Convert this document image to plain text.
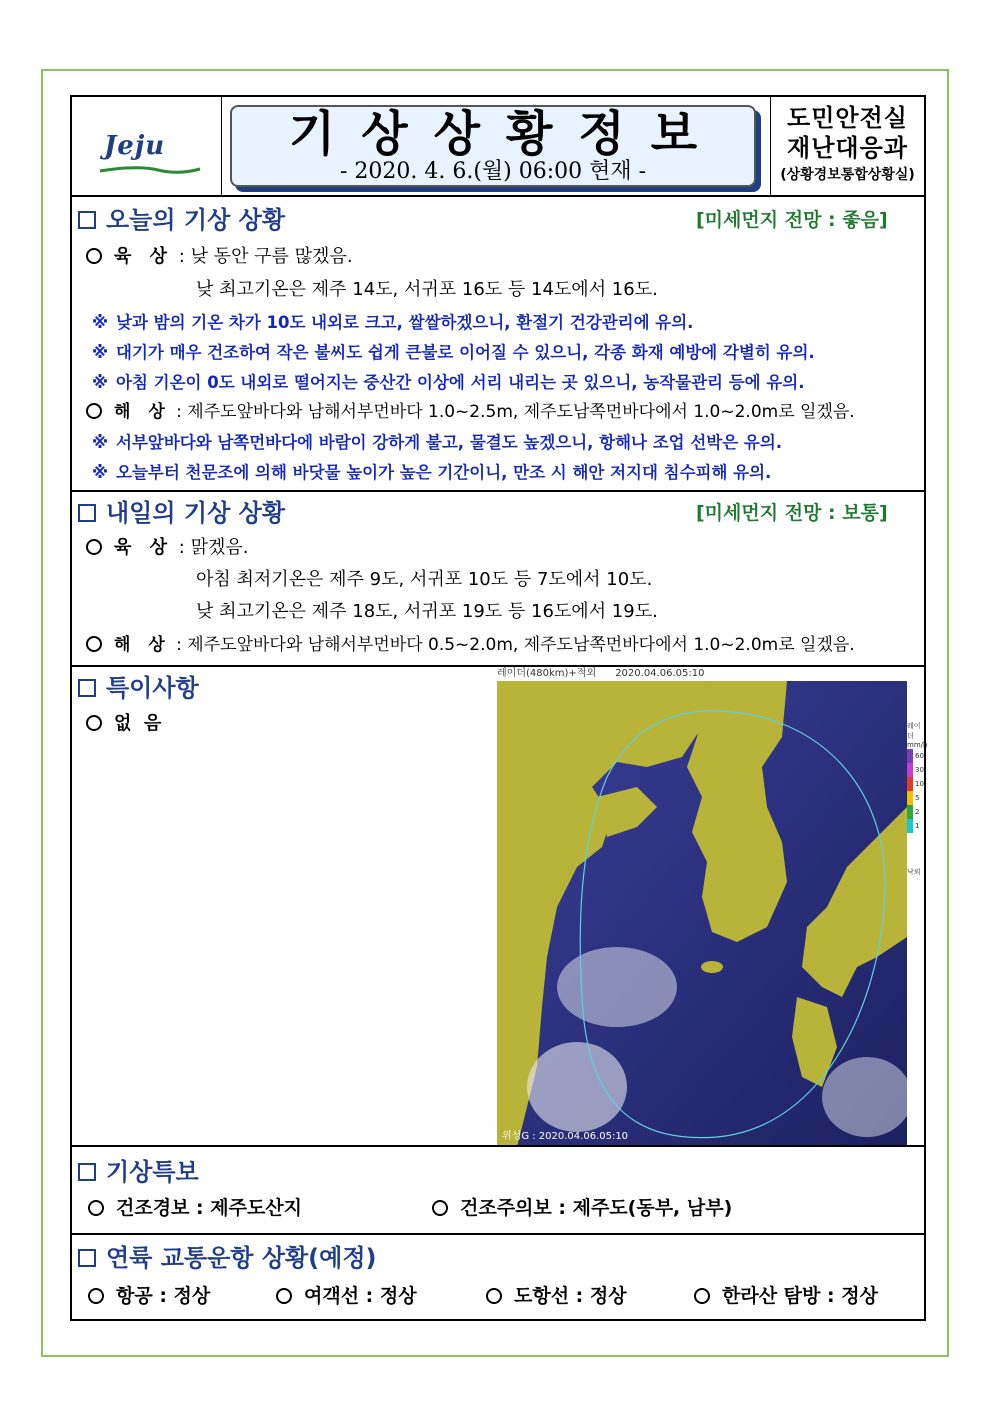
Jeju	기상상황정보
- 2020. 4. 6.(월) 06:00 현재 -
도민안전실
재난대응과
(상황경보통합상황실)
오늘의 기상 상황	[미세먼지 전망 : 좋음]
육 상 : 낮 동안 구름 많겠음.
낮 최고기온은 제주 14도, 서귀포 16도 등 14도에서 16도.
※ 낮과 밤의 기온 차가 10도 내외로 크고, 쌀쌀하겠으니, 환절기 건강관리에 유의.
※ 대기가 매우 건조하여 작은 불씨도 쉽게 큰불로 이어질 수 있으니, 각종 화재 예방에 각별히 유의.
※ 아침 기온이 0도 내외로 떨어지는 중산간 이상에 서리 내리는 곳 있으니, 농작물관리 등에 유의.
해 상 : 제주도앞바다와 남해서부먼바다 1.0~2.5m, 제주도남쪽먼바다에서 1.0~2.0m로 일겠음.
※ 서부앞바다와 남쪽먼바다에 바람이 강하게 불고, 물결도 높겠으니, 항해나 조업 선박은 유의.
※ 오늘부터 천문조에 의해 바닷물 높이가 높은 기간이니, 만조 시 해안 저지대 침수피해 유의.
내일의 기상 상황	[미세먼지 전망 : 보통]
육 상 : 맑겠음.
아침 최저기온은 제주 9도, 서귀포 10도 등 7도에서 10도.
낮 최고기온은 제주 18도, 서귀포 19도 등 16도에서 19도.
해 상 : 제주도앞바다와 남해서부먼바다 0.5~2.0m, 제주도남쪽먼바다에서 1.0~2.0m로 일겠음.
특이사항
없  음
레이더(480km)+적외 2020.04.06.05:10
위성G : 2020.04.06.05:10
레이더
mm/h
60
30
10
5
2
1
낙뢰
기상특보
건조경보 : 제주도산지	건조주의보 : 제주도(동부, 남부)
연륙 교통운항 상황(예정)
항공 : 정상	여객선 : 정상	도항선 : 정상	한라산 탐방 : 정상
